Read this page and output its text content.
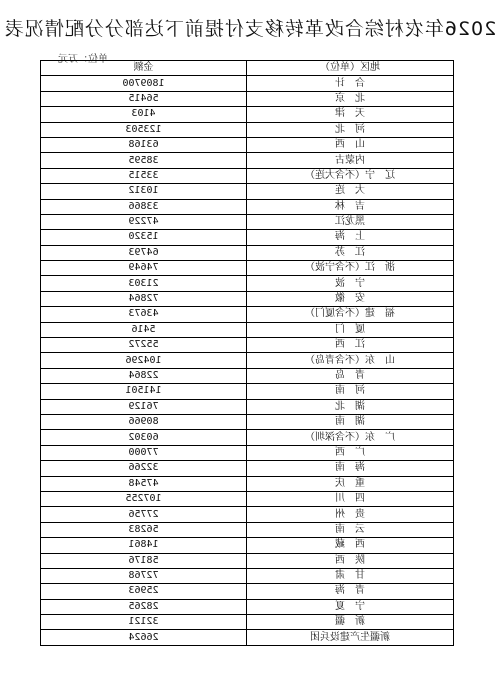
2026年农村综合改革转移支付提前下达部分分配情况表
单位：万元
地区（单位）	金额
合　计	1809700
北　京	56415
天　津	4103
河　北	123503
山　西	63168
内蒙古	38595
辽　宁（不含大连）	33515
大　连	10312
吉　林	33866
黑龙江	47229
上　海	15320
江　苏	64793
浙　江（不含宁波）	74649
宁　波	21303
安　徽	72864
福　建（不含厦门）	43673
厦　门	5416
江　西	55272
山　东（不含青岛）	104296
青　岛	22864
河　南	141501
湖　北	76129
湖　南	80966
广　东（不含深圳）	60302
广　西	77000
海　南	32266
重　庆	47548
四　川	107255
贵　州	27756
云　南	56283
西　藏	14861
陕　西	58176
甘　肃	72768
青　海	25963
宁　夏	28265
新　疆	32121
新疆生产建设兵团	26624
